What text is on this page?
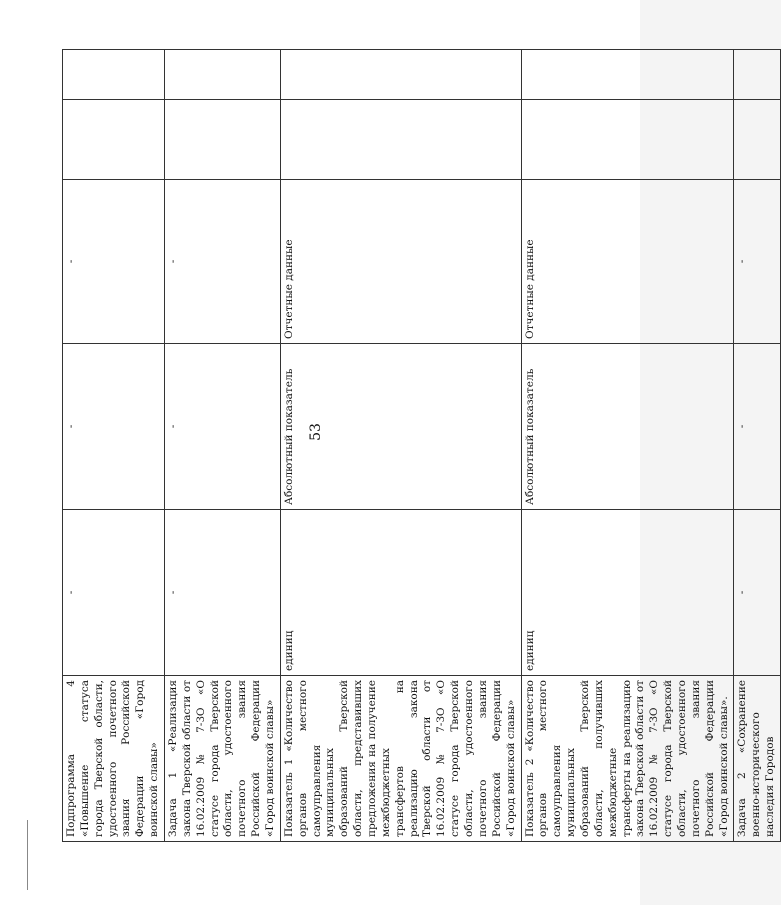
53
Подпрограмма 4 «Повышение статуса города Тверской области, удостоенного почетного звания Российской Федерации «Город воинской славы»	-	-	-		
Задача 1 «Реализация закона Тверской области от 16.02.2009 № 7-ЗО «О статусе города Тверской области, удостоенного почетного звания Российской Федерации «Город воинской славы»	-	-	-		
Показатель 1 «Количество органов местного самоуправления муниципальных образований Тверской области, представивших предложения на получение межбюджетных трансфертов на реализацию закона Тверской области от 16.02.2009 № 7-ЗО «О статусе города Тверской области, удостоенного почетного звания Российской Федерации «Город воинской славы»	единиц	Абсолютный показатель	Отчетные данные		
Показатель 2 «Количество органов местного самоуправления муниципальных образований Тверской области, получивших межбюджетные трансферты на реализацию закона Тверской области от 16.02.2009 № 7-ЗО «О статусе города Тверской области, удостоенного почетного звания Российской Федерации «Город воинской славы».	единиц	Абсолютный показатель	Отчетные данные		
Задача 2 «Сохранение военно-исторического наследия Городов	-	-	-		
